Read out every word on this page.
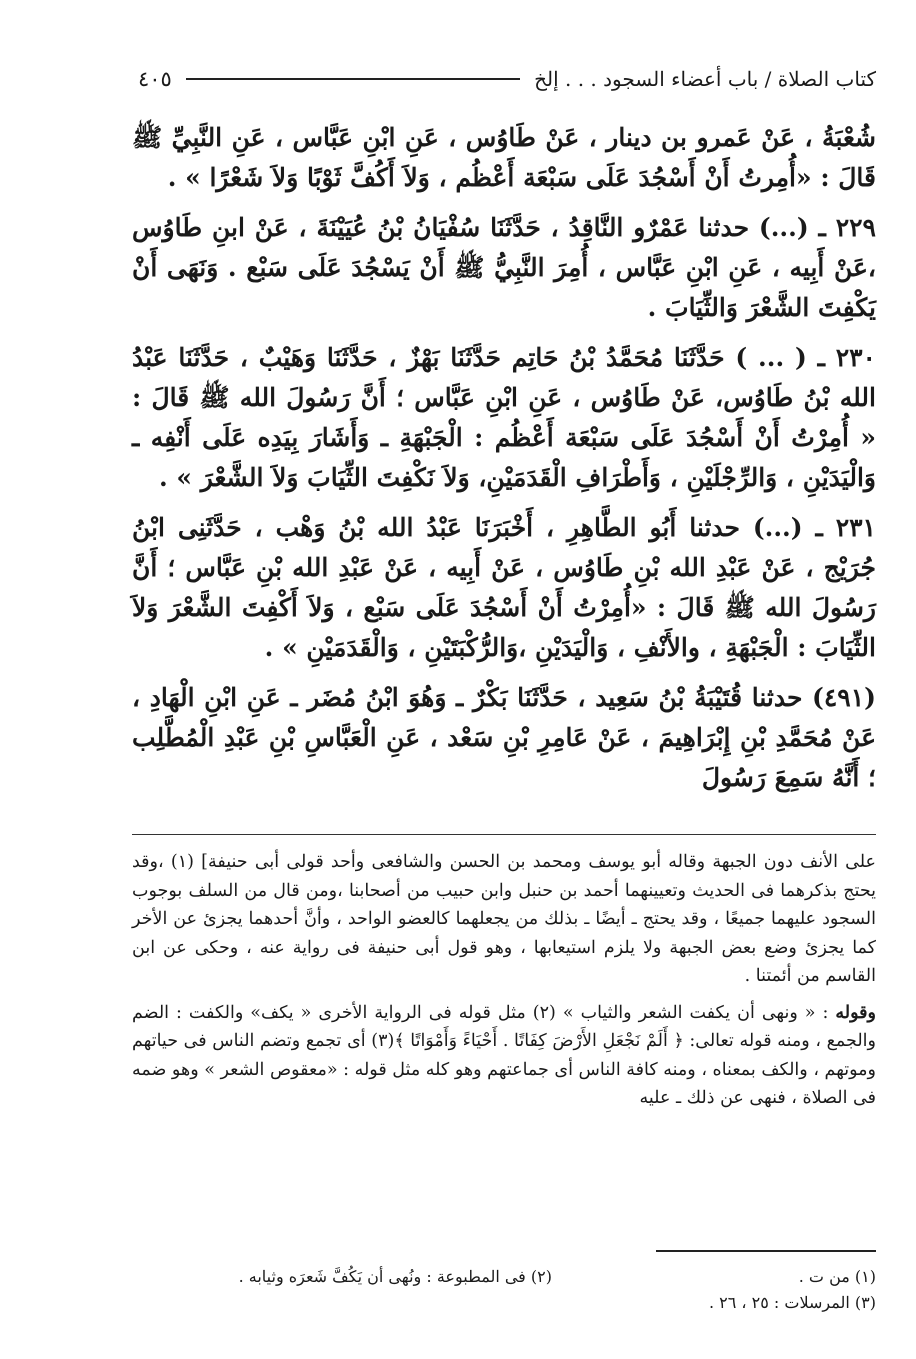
كتاب الصلاة / باب أعضاء السجود . . . إلخ
٤٠٥

شُعْبَةُ ، عَنْ عَمرو بن دينار ، عَنْ طَاوُس ، عَنِ ابْنِ عَبَّاس ، عَنِ النَّبِيِّ ﷺ قَالَ : «أُمِرتُ أَنْ أَسْجُدَ عَلَى سَبْعَة أَعْظُم ، وَلاَ أَكُفَّ ثَوْبًا وَلاَ شَعْرًا » .

٢٢٩ ـ (...) حدثنا عَمْرٌو النَّاقِدُ ، حَدَّثَنَا سُفْيَانُ بْنُ عُيَيْنَةَ ، عَنْ ابنِ طَاوُس ،عَنْ أَبِيه ، عَنِ ابْنِ عَبَّاس ، أُمِرَ النَّبِيُّ ﷺ أَنْ يَسْجُدَ عَلَى سَبْع . وَنَهَى أَنْ يَكْفِتَ الشَّعْرَ وَالثِّيَابَ .

٢٣٠ ـ ( ... ) حَدَّثَنَا مُحَمَّدُ بْنُ حَاتِم حَدَّثَنَا بَهْزٌ ، حَدَّثَنَا وَهَيْبٌ ، حَدَّثَنَا عَبْدُ الله بْنُ طَاوُس، عَنْ طَاوُس ، عَنِ ابْنِ عَبَّاس ؛ أَنَّ رَسُولَ الله ﷺ قَالَ : « أُمِرْتُ أَنْ أَسْجُدَ عَلَى سَبْعَة أَعْظُم : الْجَبْهَةِ ـ وَأَشَارَ بِيَدِه عَلَى أَنْفِه ـ وَالْيَدَيْنِ ، وَالرِّجْلَيْنِ ، وَأَطْرَافِ الْقَدَمَيْنِ، وَلاَ نَكْفِتَ الثِّيَابَ وَلاَ الشَّعْرَ » .

٢٣١ ـ (...) حدثنا أَبُو الطَّاهِرِ ، أَخْبَرَنَا عَبْدُ الله بْنُ وَهْب ، حَدَّثَنِى ابْنُ جُرَيْج ، عَنْ عَبْدِ الله بْنِ طَاوُس ، عَنْ أَبِيه ، عَنْ عَبْدِ الله بْنِ عَبَّاس ؛ أَنَّ رَسُولَ الله ﷺ قَالَ : «أُمِرْتُ أَنْ أَسْجُدَ عَلَى سَبْع ، وَلاَ أَكْفِتَ الشَّعْرَ وَلاَ الثِّيَابَ : الْجَبْهَةِ ، والأَنْفِ ، وَالْيَدَيْنِ ،وَالرُّكْبَتَيْنِ ، وَالْقَدَمَيْنِ » .

(٤٩١) حدثنا قُتَيْبَةُ بْنُ سَعِيد ، حَدَّثَنَا بَكْرٌ ـ وَهُوَ ابْنُ مُضَر ـ عَنِ ابْنِ الْهَادِ ، عَنْ مُحَمَّدِ بْنِ إِبْرَاهِيمَ ، عَنْ عَامِرِ بْنِ سَعْد ، عَنِ الْعَبَّاسِ بْنِ عَبْدِ الْمُطَّلِب ؛ أَنَّهُ سَمِعَ رَسُولَ

على الأنف دون الجبهة وقاله أبو يوسف ومحمد بن الحسن والشافعى وأحد قولى أبى حنيفة] (١) ،وقد يحتج بذكرهما فى الحديث وتعيينهما أحمد بن حنبل وابن حبيب من أصحابنا ،ومن قال من السلف بوجوب السجود عليهما جميعًا ، وقد يحتج ـ أيضًا ـ بذلك من يجعلهما كالعضو الواحد ، وأنَّ أحدهما يجزئ عن الأخر كما يجزئ وضع بعض الجبهة ولا يلزم استيعابها ، وهو قول أبى حنيفة فى رواية عنه ، وحكى عن ابن القاسم من أئمتنا .

وقوله : « ونهى أن يكفت الشعر والثياب » (٢) مثل قوله فى الرواية الأخرى « يكف» والكفت : الضم والجمع ، ومنه قوله تعالى: ﴿ أَلَمْ نَجْعَلِ الأَرْضَ كِفَاتًا . أَحْيَاءً وَأَمْوَاتًا ﴾(٣) أى تجمع وتضم الناس فى حياتهم وموتهم ، والكف بمعناه ، ومنه كافة الناس أى جماعتهم وهو كله مثل قوله : «معقوص الشعر » وهو ضمه فى الصلاة ، فنهى عن ذلك ـ عليه

(١) من ت .
(٢) فى المطبوعة : ونُهى أن يَكُفَّ شَعرَه وثيابه .
(٣) المرسلات : ٢٥ ، ٢٦ .
